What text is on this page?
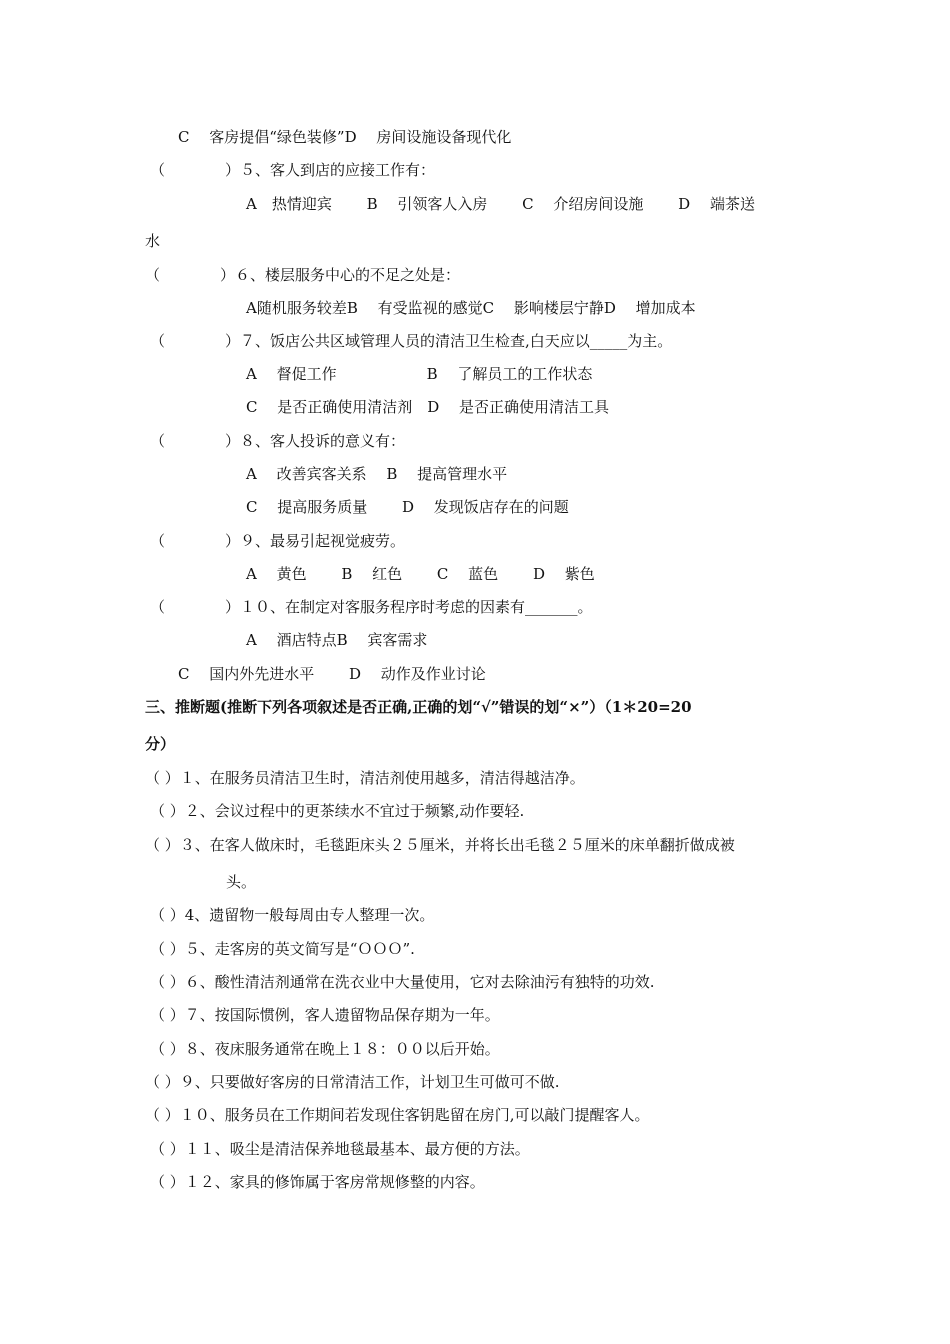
C　 客房提倡“绿色装修”D　 房间设施设备现代化
（　　　　）５、客人到店的应接工作有：
A　热情迎宾　　 B　 引领客人入房　　 C　 介绍房间设施　　 D　 端茶送
水
（　　　　）６、楼层服务中心的不足之处是：
A随机服务较差B　 有受监视的感觉C　 影响楼层宁静D　 增加成本
（　　　　）７、饭店公共区域管理人员的清洁卫生检查,白天应以_____为主。
A　 督促工作　　　　　　B　 了解员工的工作状态
C　 是否正确使用清洁剂　D　 是否正确使用清洁工具
（　　　　）８、客人投诉的意义有：
A　 改善宾客关系　 B　 提高管理水平
C　 提高服务质量　　 D　 发现饭店存在的问题
（　　　　）９、最易引起视觉疲劳。
A　 黄色　　 B　 红色　　 C　 蓝色　　 D　 紫色
（　　　　）１０、在制定对客服务程序时考虑的因素有_______。
A　 酒店特点B　 宾客需求
C　 国内外先进水平　　 D　 动作及作业讨论
三、推断题(推断下列各项叙述是否正确,正确的划“√”错误的划“×”）（1＊20=20
分）
（ ）１、在服务员清洁卫生时，清洁剂使用越多，清洁得越洁净。
（ ）２、会议过程中的更茶续水不宜过于频繁,动作要轻.
（ ）３、在客人做床时，毛毯距床头２５厘米，并将长出毛毯２５厘米的床单翻折做成被
头。
（ ）4、遗留物一般每周由专人整理一次。
（ ）５、走客房的英文简写是“ＯＯＯ”.
（ ）６、酸性清洁剂通常在洗衣业中大量使用，它对去除油污有独特的功效.
（ ）７、按国际惯例，客人遗留物品保存期为一年。
（ ）８、夜床服务通常在晚上１８：００以后开始。
（ ）９、只要做好客房的日常清洁工作，计划卫生可做可不做.
（ ）１０、服务员在工作期间若发现住客钥匙留在房门,可以敲门提醒客人。
（ ）１１、吸尘是清洁保养地毯最基本、最方便的方法。
（ ）１２、家具的修饰属于客房常规修整的内容。
